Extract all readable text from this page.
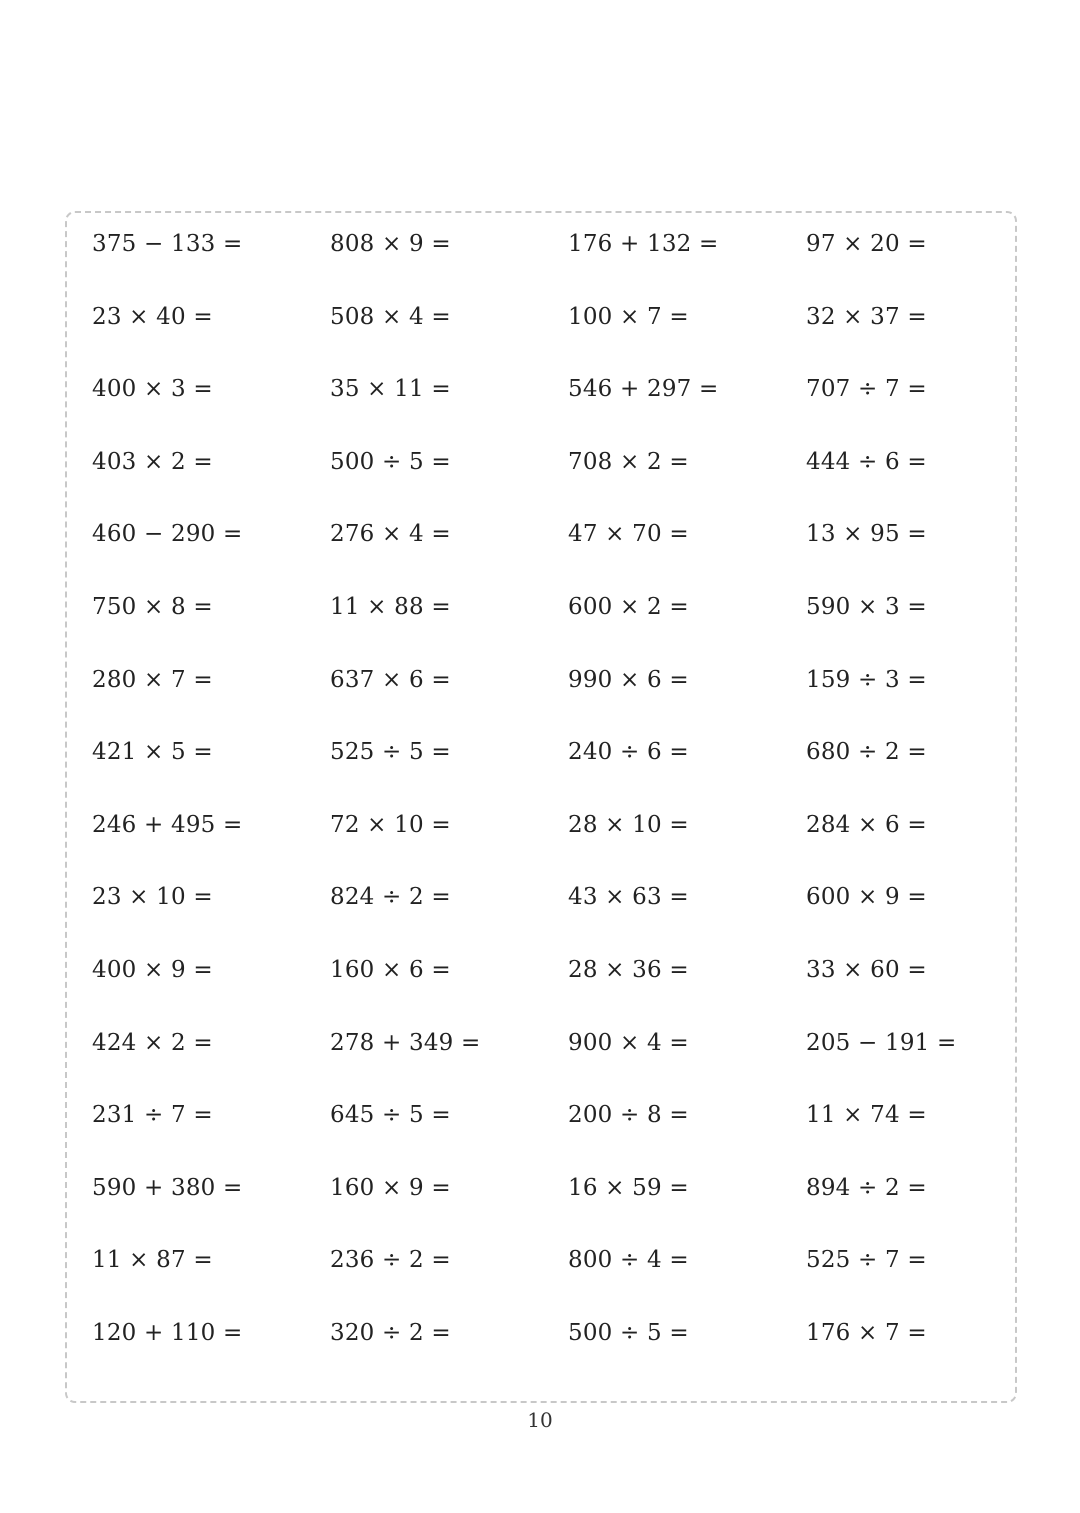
375 − 133 =	808 × 9 =	176 + 132 =	97 × 20 =
23 × 40 =	508 × 4 =	100 × 7 =	32 × 37 =
400 × 3 =	35 × 11 =	546 + 297 =	707 ÷ 7 =
403 × 2 =	500 ÷ 5 =	708 × 2 =	444 ÷ 6 =
460 − 290 =	276 × 4 =	47 × 70 =	13 × 95 =
750 × 8 =	11 × 88 =	600 × 2 =	590 × 3 =
280 × 7 =	637 × 6 =	990 × 6 =	159 ÷ 3 =
421 × 5 =	525 ÷ 5 =	240 ÷ 6 =	680 ÷ 2 =
246 + 495 =	72 × 10 =	28 × 10 =	284 × 6 =
23 × 10 =	824 ÷ 2 =	43 × 63 =	600 × 9 =
400 × 9 =	160 × 6 =	28 × 36 =	33 × 60 =
424 × 2 =	278 + 349 =	900 × 4 =	205 − 191 =
231 ÷ 7 =	645 ÷ 5 =	200 ÷ 8 =	11 × 74 =
590 + 380 =	160 × 9 =	16 × 59 =	894 ÷ 2 =
11 × 87 =	236 ÷ 2 =	800 ÷ 4 =	525 ÷ 7 =
120 + 110 =	320 ÷ 2 =	500 ÷ 5 =	176 × 7 =
10
